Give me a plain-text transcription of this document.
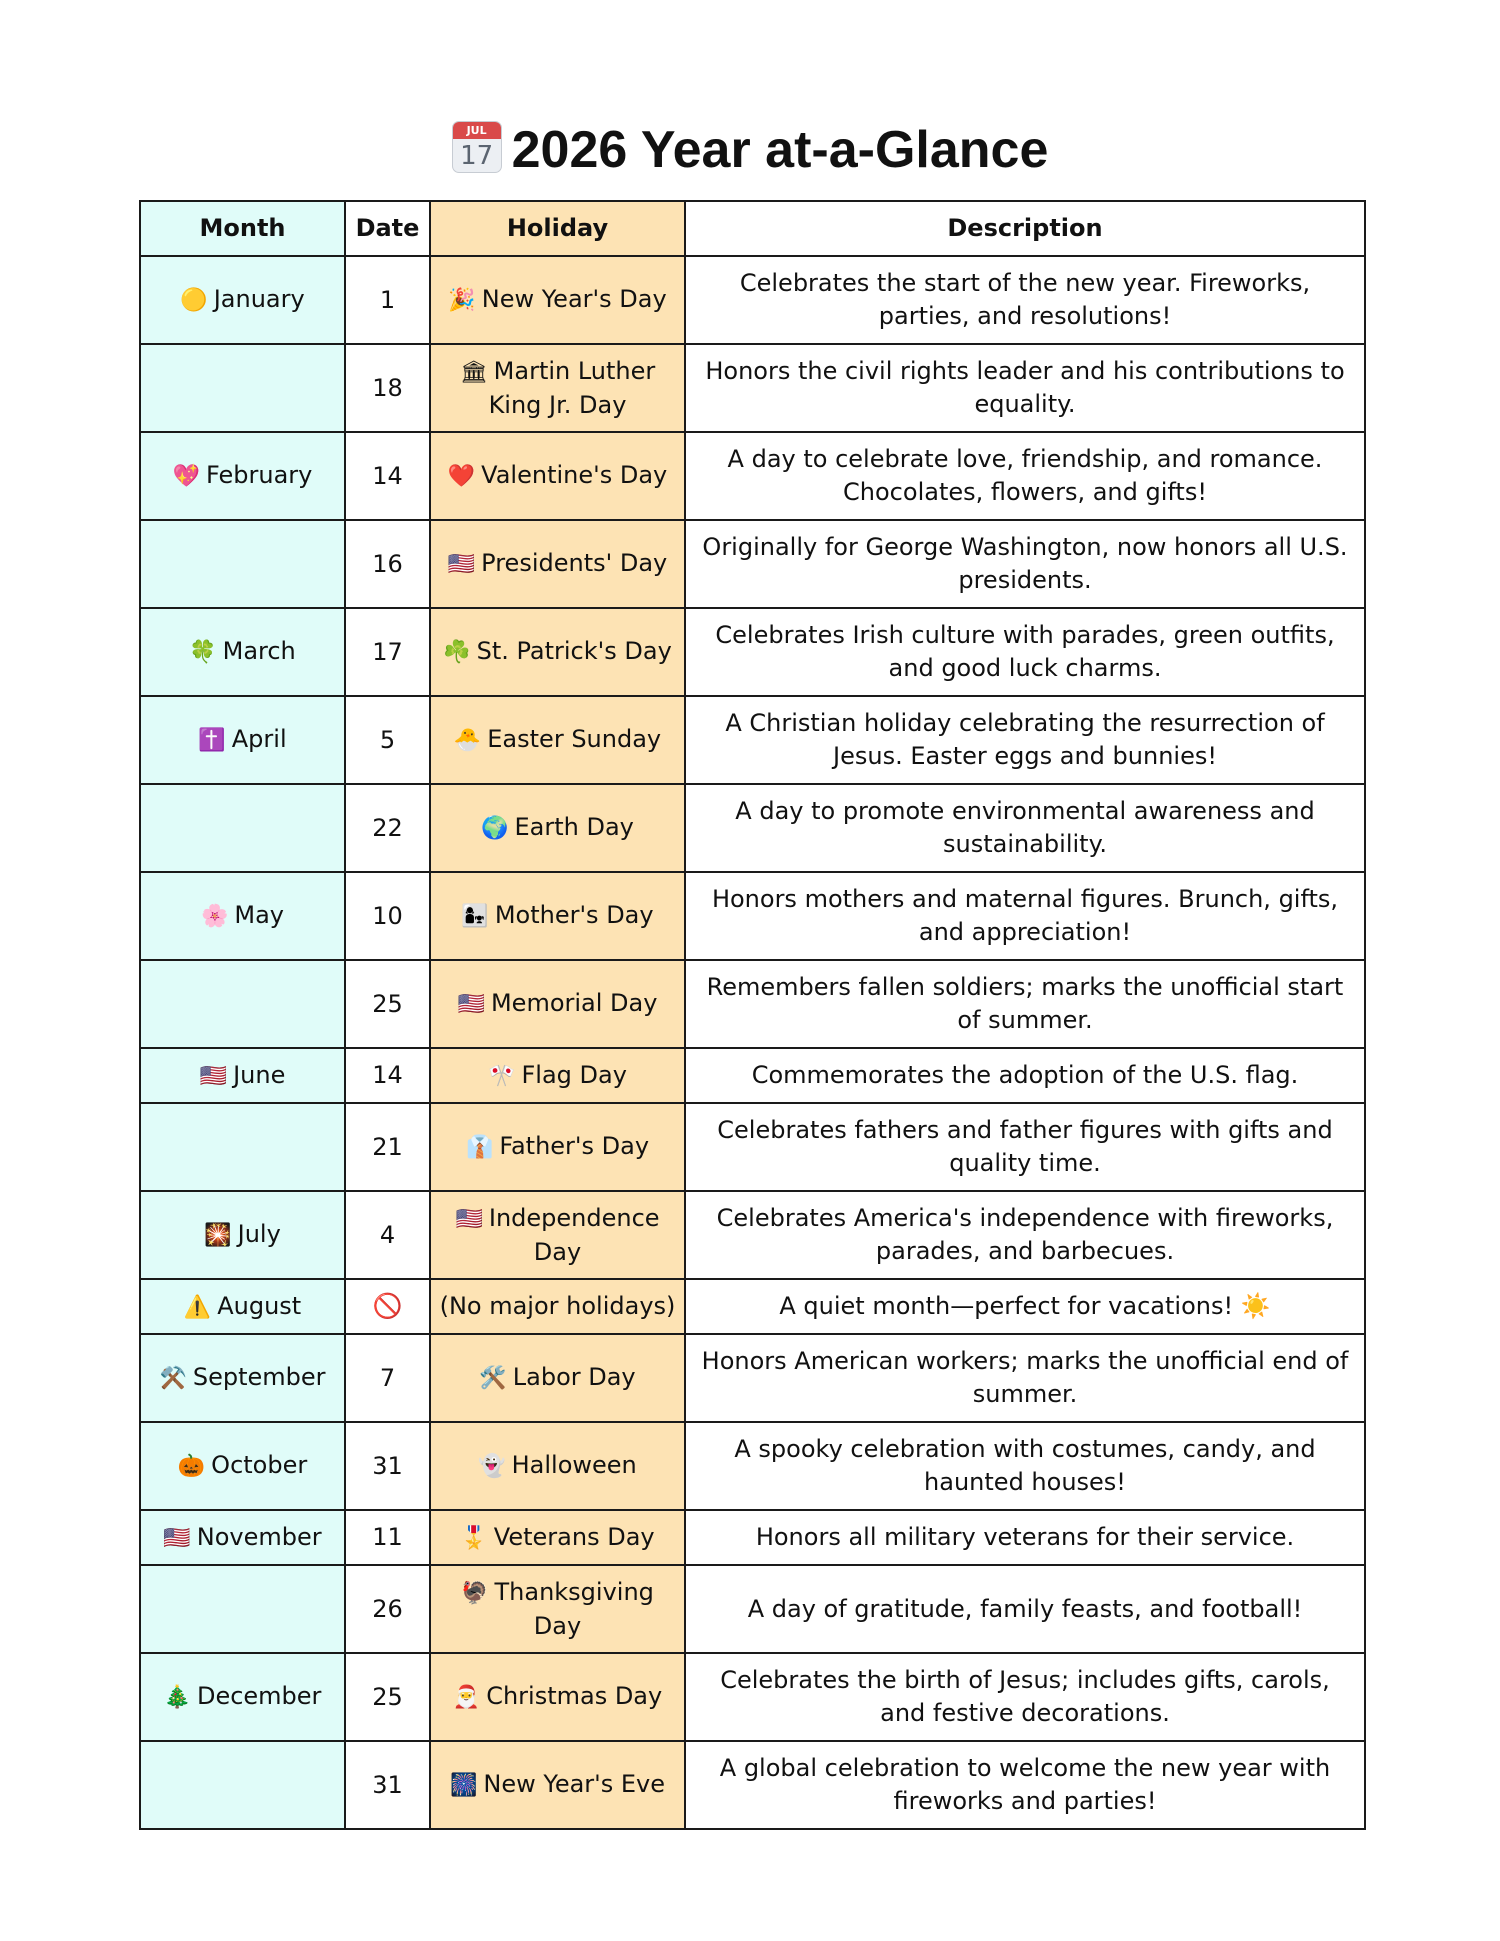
JUL
17 2026 Year at-a-Glance
Month	Date	Holiday	Description
🟡 January	1	🎉 New Year's Day	Celebrates the start of the new year. Fireworks, parties, and resolutions!
	18	🏛 Martin Luther King Jr. Day	Honors the civil rights leader and his contributions to equality.
💖 February	14	❤️ Valentine's Day	A day to celebrate love, friendship, and romance. Chocolates, flowers, and gifts!
	16	🇺🇸 Presidents' Day	Originally for George Washington, now honors all U.S. presidents.
🍀 March	17	☘️ St. Patrick's Day	Celebrates Irish culture with parades, green outfits, and good luck charms.
✝️ April	5	🐣 Easter Sunday	A Christian holiday celebrating the resurrection of Jesus. Easter eggs and bunnies!
	22	🌍 Earth Day	A day to promote environmental awareness and sustainability.
🌸 May	10	👩‍👧 Mother's Day	Honors mothers and maternal figures. Brunch, gifts, and appreciation!
	25	🇺🇸 Memorial Day	Remembers fallen soldiers; marks the unofficial start of summer.
🇺🇸 June	14	🎌 Flag Day	Commemorates the adoption of the U.S. flag.
	21	👔 Father's Day	Celebrates fathers and father figures with gifts and quality time.
🎇 July	4	🇺🇸 Independence Day	Celebrates America's independence with fireworks, parades, and barbecues.
⚠️ August	🚫	(No major holidays)	A quiet month—perfect for vacations! ☀️
⚒️ September	7	🛠️ Labor Day	Honors American workers; marks the unofficial end of summer.
🎃 October	31	👻 Halloween	A spooky celebration with costumes, candy, and haunted houses!
🇺🇸 November	11	🎖️ Veterans Day	Honors all military veterans for their service.
	26	🦃 Thanksgiving Day	A day of gratitude, family feasts, and football!
🎄 December	25	🎅 Christmas Day	Celebrates the birth of Jesus; includes gifts, carols, and festive decorations.
	31	🎆 New Year's Eve	A global celebration to welcome the new year with fireworks and parties!
